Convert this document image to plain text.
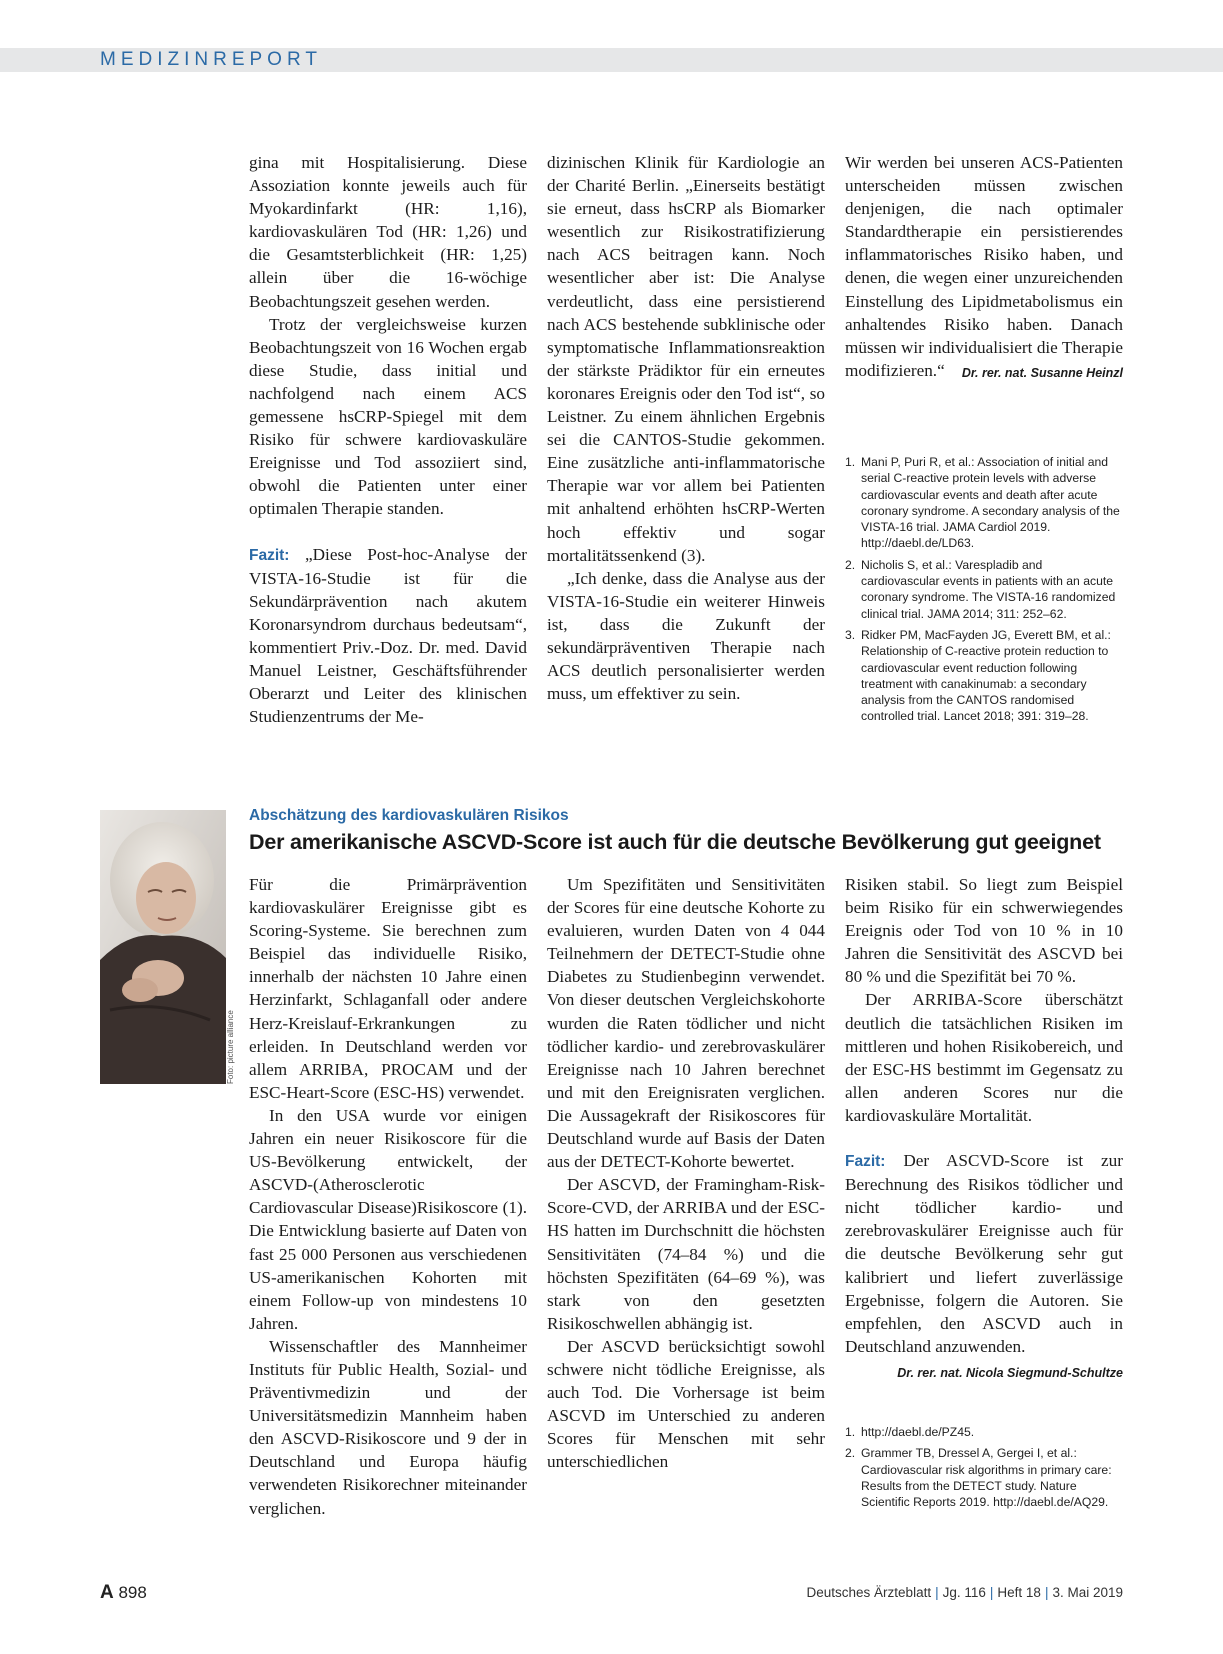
MEDIZINREPORT

gina mit Hospitalisierung. Diese Assoziation konnte jeweils auch für Myokardinfarkt (HR: 1,16), kardiovaskulären Tod (HR: 1,26) und die Gesamtsterblichkeit (HR: 1,25) allein über die 16-wöchige Beobachtungszeit gesehen werden.

Trotz der vergleichsweise kurzen Beobachtungszeit von 16 Wochen ergab diese Studie, dass initial und nachfolgend nach einem ACS gemessene hsCRP-Spiegel mit dem Risiko für schwere kardiovaskuläre Ereignisse und Tod assoziiert sind, obwohl die Patienten unter einer optimalen Therapie standen.

Fazit: „Diese Post-hoc-Analyse der VISTA-16-Studie ist für die Sekundärprävention nach akutem Koronarsyndrom durchaus bedeutsam“, kommentiert Priv.-Doz. Dr. med. David Manuel Leistner, Geschäftsführender Oberarzt und Leiter des klinischen Studienzentrums der Me-

dizinischen Klinik für Kardiologie an der Charité Berlin. „Einerseits bestätigt sie erneut, dass hsCRP als Biomarker wesentlich zur Risikostratifizierung nach ACS beitragen kann. Noch wesentlicher aber ist: Die Analyse verdeutlicht, dass eine persistierend nach ACS bestehende subklinische oder symptomatische Inflammationsreaktion der stärkste Prädiktor für ein erneutes koronares Ereignis oder den Tod ist“, so Leistner. Zu einem ähnlichen Ergebnis sei die CANTOS-Studie gekommen. Eine zusätzliche anti-inflammatorische Therapie war vor allem bei Patienten mit anhaltend erhöhten hsCRP-Werten hoch effektiv und sogar mortalitätssenkend (3).

„Ich denke, dass die Analyse aus der VISTA-16-Studie ein weiterer Hinweis ist, dass die Zukunft der sekundärpräventiven Therapie nach ACS deutlich personalisierter werden muss, um effektiver zu sein.

Wir werden bei unseren ACS-Patienten unterscheiden müssen zwischen denjenigen, die nach optimaler Standardtherapie ein persistierendes inflammatorisches Risiko haben, und denen, die wegen einer unzureichenden Einstellung des Lipidmetabolismus ein anhaltendes Risiko haben. Danach müssen wir individualisiert die Therapie modifizieren.“	Dr. rer. nat. Susanne Heinzl
1. Mani P, Puri R, et al.: Association of initial and serial C-reactive protein levels with adverse cardiovascular events and death after acute coronary syndrome. A secondary analysis of the VISTA-16 trial. JAMA Cardiol 2019. http://daebl.de/LD63.
2. Nicholis S, et al.: Varespladib and cardiovascular events in patients with an acute coronary syndrome. The VISTA-16 randomized clinical trial. JAMA 2014; 311: 252–62.
3. Ridker PM, MacFayden JG, Everett BM, et al.: Relationship of C-reactive protein reduction to cardiovascular event reduction following treatment with canakinumab: a secondary analysis from the CANTOS randomised controlled trial. Lancet 2018; 391: 319–28.
Foto: picture alliance
Abschätzung des kardiovaskulären Risikos
Der amerikanische ASCVD-Score ist auch für die deutsche Bevölkerung gut geeignet

Für die Primärprävention kardiovaskulärer Ereignisse gibt es Scoring-Systeme. Sie berechnen zum Beispiel das individuelle Risiko, innerhalb der nächsten 10 Jahre einen Herzinfarkt, Schlaganfall oder andere Herz-Kreislauf-Erkrankungen zu erleiden. In Deutschland werden vor allem ARRIBA, PROCAM und der ESC-Heart-Score (ESC-HS) verwendet.

In den USA wurde vor einigen Jahren ein neuer Risikoscore für die US-Bevölkerung entwickelt, der ASCVD-(Atherosclerotic Cardiovascular Disease)Risikoscore (1). Die Entwicklung basierte auf Daten von fast 25 000 Personen aus verschiedenen US-amerikanischen Kohorten mit einem Follow-up von mindestens 10 Jahren.

Wissenschaftler des Mannheimer Instituts für Public Health, Sozial- und Präventivmedizin und der Universitätsmedizin Mannheim haben den ASCVD-Risikoscore und 9 der in Deutschland und Europa häufig verwendeten Risikorechner miteinander verglichen.

Um Spezifitäten und Sensitivitäten der Scores für eine deutsche Kohorte zu evaluieren, wurden Daten von 4 044 Teilnehmern der DETECT-Studie ohne Diabetes zu Studienbeginn verwendet. Von dieser deutschen Vergleichskohorte wurden die Raten tödlicher und nicht tödlicher kardio- und zerebrovaskulärer Ereignisse nach 10 Jahren berechnet und mit den Ereignisraten verglichen. Die Aussagekraft der Risikoscores für Deutschland wurde auf Basis der Daten aus der DETECT-Kohorte bewertet.

Der ASCVD, der Framingham-Risk-Score-CVD, der ARRIBA und der ESC-HS hatten im Durchschnitt die höchsten Sensitivitäten (74–84 %) und die höchsten Spezifitäten (64–69 %), was stark von den gesetzten Risikoschwellen abhängig ist.

Der ASCVD berücksichtigt sowohl schwere nicht tödliche Ereignisse, als auch Tod. Die Vorhersage ist beim ASCVD im Unterschied zu anderen Scores für Menschen mit sehr unterschiedlichen

Risiken stabil. So liegt zum Beispiel beim Risiko für ein schwerwiegendes Ereignis oder Tod von 10 % in 10 Jahren die Sensitivität des ASCVD bei 80 % und die Spezifität bei 70 %.

Der ARRIBA-Score überschätzt deutlich die tatsächlichen Risiken im mittleren und hohen Risikobereich, und der ESC-HS bestimmt im Gegensatz zu allen anderen Scores nur die kardiovaskuläre Mortalität.

Fazit: Der ASCVD-Score ist zur Berechnung des Risikos tödlicher und nicht tödlicher kardio- und zerebrovaskulärer Ereignisse auch für die deutsche Bevölkerung sehr gut kalibriert und liefert zuverlässige Ergebnisse, folgern die Autoren. Sie empfehlen, den ASCVD auch in Deutschland anzuwenden.

Dr. rer. nat. Nicola Siegmund-Schultze
1. http://daebl.de/PZ45.
2. Grammer TB, Dressel A, Gergei I, et al.: Cardiovascular risk algorithms in primary care: Results from the DETECT study. Nature Scientific Reports 2019. http://daebl.de/AQ29.
A 898	Deutsches Ärzteblatt | Jg. 116 | Heft 18 | 3. Mai 2019
